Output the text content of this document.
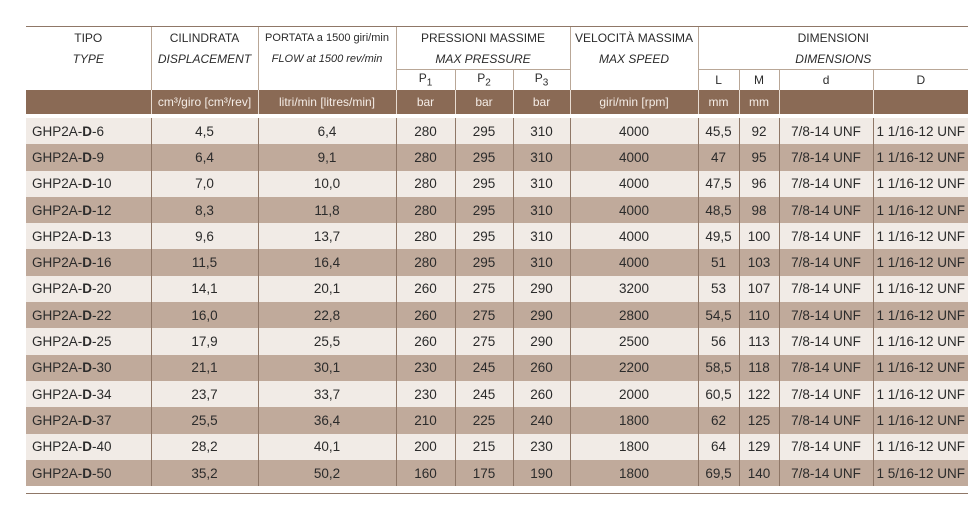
TIPO	CILINDRATA	PORTATA a 1500 giri/min	PRESSIONI MASSIME			VELOCITÀ MASSIMA	DIMENSIONI			
TYPE	DISPLACEMENT	FLOW at 1500 rev/min	MAX PRESSURE			MAX SPEED	DIMENSIONS			
			$P_1$	$P_2$	$P_3$		L	M	d	D
	cm³/giro [cm³/rev]	litri/min [litres/min]	bar	bar	bar	giri/min [rpm]	mm	mm		

GHP2A-D-6	4,5	6,4	280	295	310	4000	45,5	92	7/8-14 UNF	1 1/16-12 UNF
GHP2A-D-9	6,4	9,1	280	295	310	4000	47	95	7/8-14 UNF	1 1/16-12 UNF
GHP2A-D-10	7,0	10,0	280	295	310	4000	47,5	96	7/8-14 UNF	1 1/16-12 UNF
GHP2A-D-12	8,3	11,8	280	295	310	4000	48,5	98	7/8-14 UNF	1 1/16-12 UNF
GHP2A-D-13	9,6	13,7	280	295	310	4000	49,5	100	7/8-14 UNF	1 1/16-12 UNF
GHP2A-D-16	11,5	16,4	280	295	310	4000	51	103	7/8-14 UNF	1 1/16-12 UNF
GHP2A-D-20	14,1	20,1	260	275	290	3200	53	107	7/8-14 UNF	1 1/16-12 UNF
GHP2A-D-22	16,0	22,8	260	275	290	2800	54,5	110	7/8-14 UNF	1 1/16-12 UNF
GHP2A-D-25	17,9	25,5	260	275	290	2500	56	113	7/8-14 UNF	1 1/16-12 UNF
GHP2A-D-30	21,1	30,1	230	245	260	2200	58,5	118	7/8-14 UNF	1 1/16-12 UNF
GHP2A-D-34	23,7	33,7	230	245	260	2000	60,5	122	7/8-14 UNF	1 1/16-12 UNF
GHP2A-D-37	25,5	36,4	210	225	240	1800	62	125	7/8-14 UNF	1 1/16-12 UNF
GHP2A-D-40	28,2	40,1	200	215	230	1800	64	129	7/8-14 UNF	1 1/16-12 UNF
GHP2A-D-50	35,2	50,2	160	175	190	1800	69,5	140	7/8-14 UNF	1 5/16-12 UNF
